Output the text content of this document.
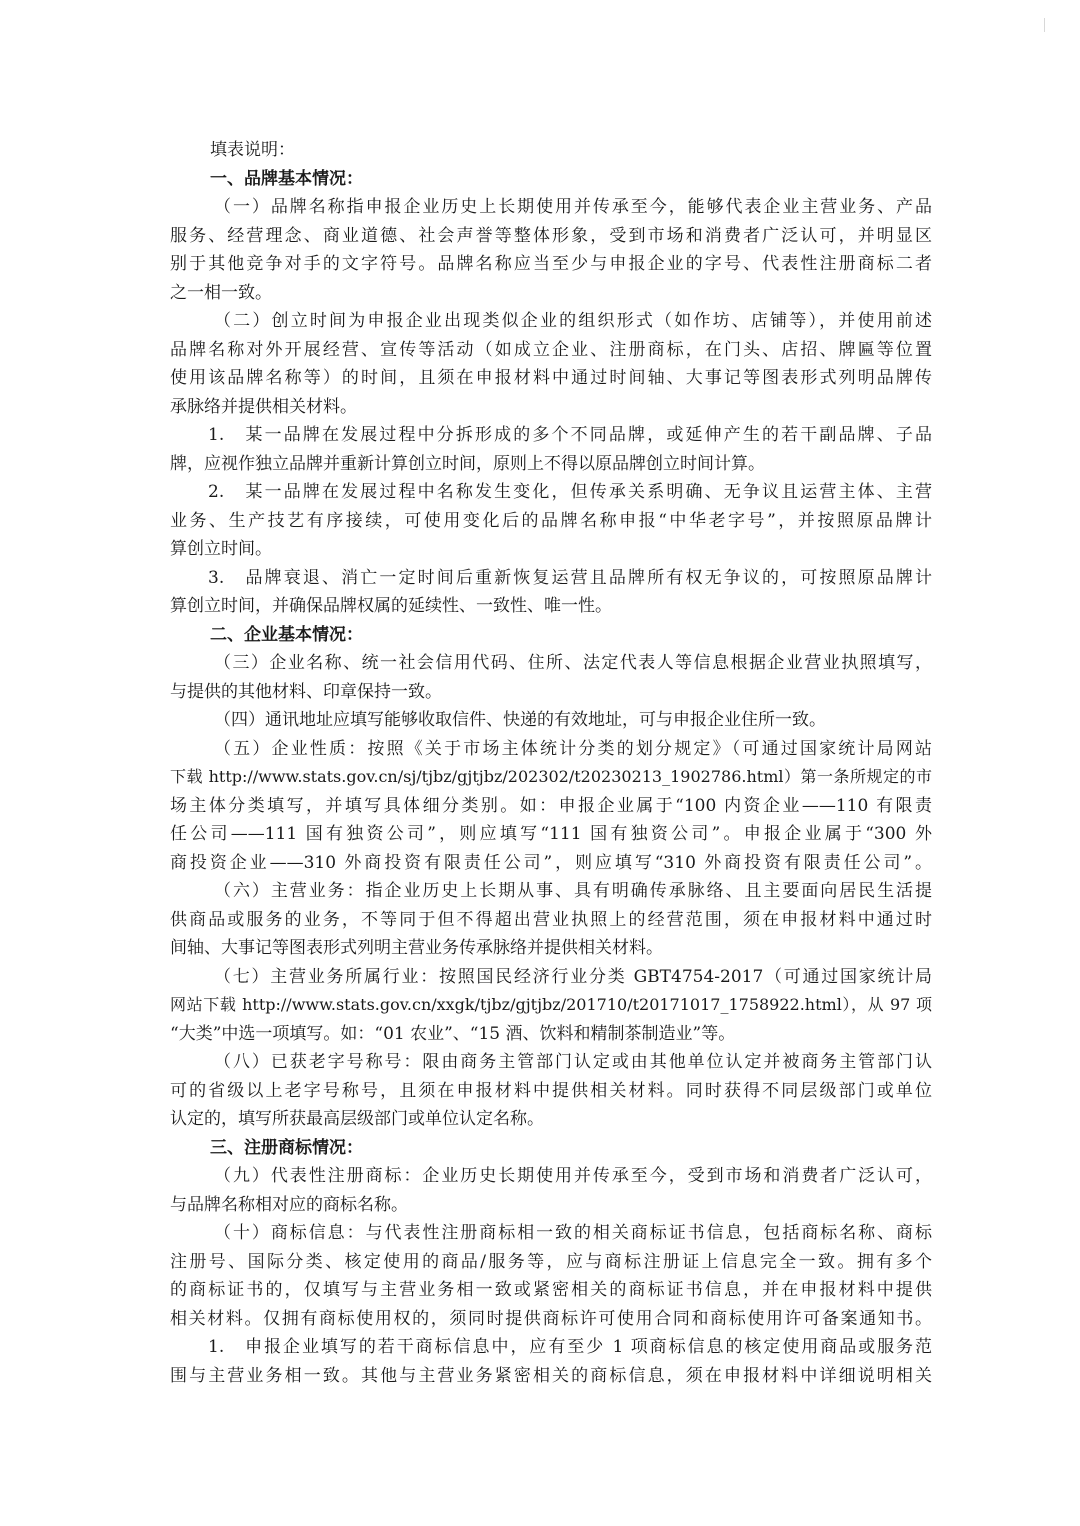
填表说明：
一、品牌基本情况：
（一）品牌名称指申报企业历史上长期使用并传承至今，能够代表企业主营业务、产品
服务、经营理念、商业道德、社会声誉等整体形象，受到市场和消费者广泛认可，并明显区
别于其他竞争对手的文字符号。品牌名称应当至少与申报企业的字号、代表性注册商标二者
之一相一致。
（二）创立时间为申报企业出现类似企业的组织形式（如作坊、店铺等），并使用前述
品牌名称对外开展经营、宣传等活动（如成立企业、注册商标，在门头、店招、牌匾等位置
使用该品牌名称等）的时间，且须在申报材料中通过时间轴、大事记等图表形式列明品牌传
承脉络并提供相关材料。
1.　某一品牌在发展过程中分拆形成的多个不同品牌，或延伸产生的若干副品牌、子品
牌，应视作独立品牌并重新计算创立时间，原则上不得以原品牌创立时间计算。
2.　某一品牌在发展过程中名称发生变化，但传承关系明确、无争议且运营主体、主营
业务、生产技艺有序接续，可使用变化后的品牌名称申报“中华老字号”，并按照原品牌计
算创立时间。
3.　品牌衰退、消亡一定时间后重新恢复运营且品牌所有权无争议的，可按照原品牌计
算创立时间，并确保品牌权属的延续性、一致性、唯一性。
二、企业基本情况：
（三）企业名称、统一社会信用代码、住所、法定代表人等信息根据企业营业执照填写，
与提供的其他材料、印章保持一致。
（四）通讯地址应填写能够收取信件、快递的有效地址，可与申报企业住所一致。
（五）企业性质：按照《关于市场主体统计分类的划分规定》（可通过国家统计局网站
下载 http://www.stats.gov.cn/sj/tjbz/gjtjbz/202302/t20230213_1902786.html）第一条所规定的市
场主体分类填写，并填写具体细分类别。如：申报企业属于“100 内资企业——110 有限责
任公司——111 国有独资公司”，则应填写“111 国有独资公司”。申报企业属于“300 外
商投资企业——310 外商投资有限责任公司”，则应填写“310 外商投资有限责任公司”。
（六）主营业务：指企业历史上长期从事、具有明确传承脉络、且主要面向居民生活提
供商品或服务的业务，不等同于但不得超出营业执照上的经营范围，须在申报材料中通过时
间轴、大事记等图表形式列明主营业务传承脉络并提供相关材料。
（七）主营业务所属行业：按照国民经济行业分类 GBT4754-2017（可通过国家统计局
网站下载 http://www.stats.gov.cn/xxgk/tjbz/gjtjbz/201710/t20171017_1758922.html），从 97 项
“大类”中选一项填写。如：“01 农业”、“15 酒、饮料和精制茶制造业”等。
（八）已获老字号称号：限由商务主管部门认定或由其他单位认定并被商务主管部门认
可的省级以上老字号称号，且须在申报材料中提供相关材料。同时获得不同层级部门或单位
认定的，填写所获最高层级部门或单位认定名称。
三、注册商标情况：
（九）代表性注册商标：企业历史长期使用并传承至今，受到市场和消费者广泛认可，
与品牌名称相对应的商标名称。
（十）商标信息：与代表性注册商标相一致的相关商标证书信息，包括商标名称、商标
注册号、国际分类、核定使用的商品/服务等，应与商标注册证上信息完全一致。拥有多个
的商标证书的，仅填写与主营业务相一致或紧密相关的商标证书信息，并在申报材料中提供
相关材料。仅拥有商标使用权的，须同时提供商标许可使用合同和商标使用许可备案通知书。
1.　申报企业填写的若干商标信息中，应有至少 1 项商标信息的核定使用商品或服务范
围与主营业务相一致。其他与主营业务紧密相关的商标信息，须在申报材料中详细说明相关
